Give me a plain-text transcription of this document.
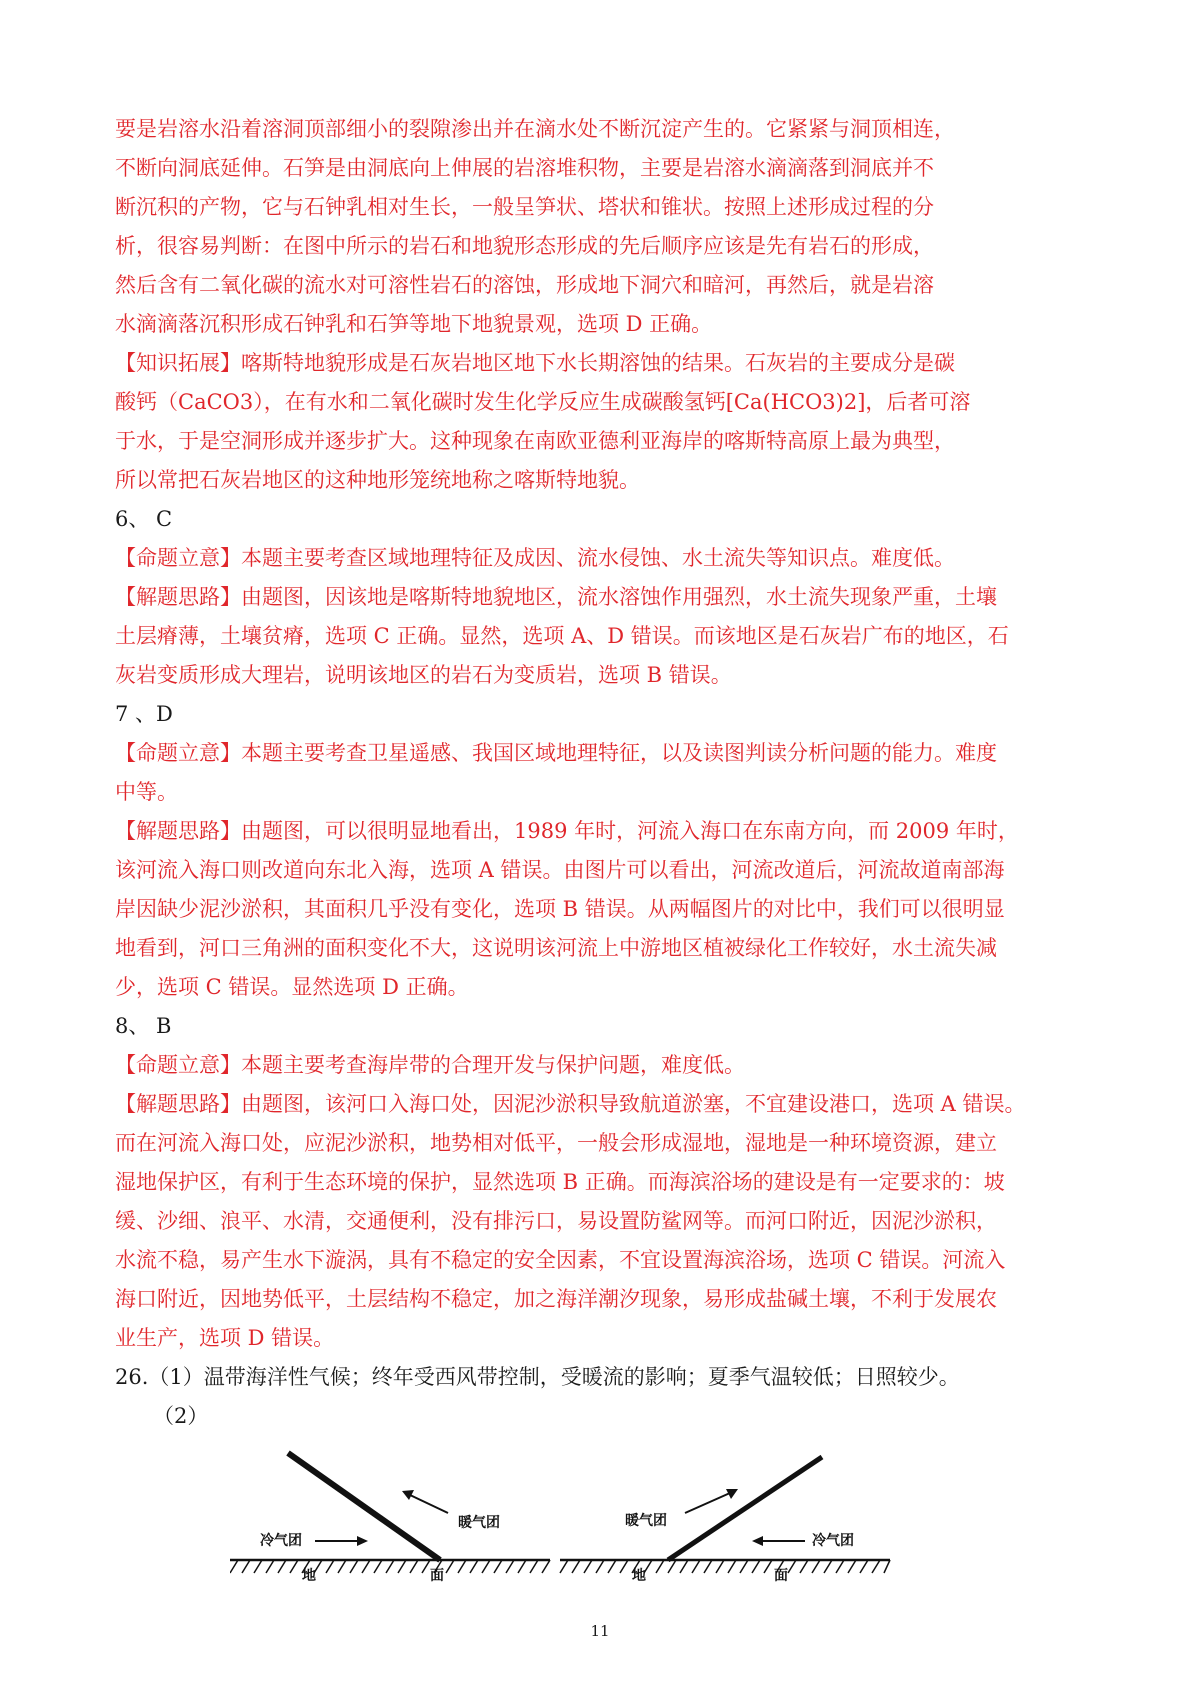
要是岩溶水沿着溶洞顶部细小的裂隙渗出并在滴水处不断沉淀产生的。它紧紧与洞顶相连，
不断向洞底延伸。石笋是由洞底向上伸展的岩溶堆积物，主要是岩溶水滴滴落到洞底并不
断沉积的产物，它与石钟乳相对生长，一般呈笋状、塔状和锥状。按照上述形成过程的分
析，很容易判断：在图中所示的岩石和地貌形态形成的先后顺序应该是先有岩石的形成，
然后含有二氧化碳的流水对可溶性岩石的溶蚀，形成地下洞穴和暗河，再然后，就是岩溶
水滴滴落沉积形成石钟乳和石笋等地下地貌景观，选项 D 正确。
【知识拓展】喀斯特地貌形成是石灰岩地区地下水长期溶蚀的结果。石灰岩的主要成分是碳
酸钙（CaCO3），在有水和二氧化碳时发生化学反应生成碳酸氢钙[Ca(HCO3)2]，后者可溶
于水，于是空洞形成并逐步扩大。这种现象在南欧亚德利亚海岸的喀斯特高原上最为典型，
所以常把石灰岩地区的这种地形笼统地称之喀斯特地貌。
6、 C
【命题立意】本题主要考查区域地理特征及成因、流水侵蚀、水土流失等知识点。难度低。
【解题思路】由题图，因该地是喀斯特地貌地区，流水溶蚀作用强烈，水土流失现象严重，土壤
土层瘠薄，土壤贫瘠，选项 C 正确。显然，选项 A、D 错误。而该地区是石灰岩广布的地区，石
灰岩变质形成大理岩，说明该地区的岩石为变质岩，选项 B 错误。
7 、D
【命题立意】本题主要考查卫星遥感、我国区域地理特征，以及读图判读分析问题的能力。难度
中等。
【解题思路】由题图，可以很明显地看出，1989 年时，河流入海口在东南方向，而 2009 年时，
该河流入海口则改道向东北入海，选项 A 错误。由图片可以看出，河流改道后，河流故道南部海
岸因缺少泥沙淤积，其面积几乎没有变化，选项 B 错误。从两幅图片的对比中，我们可以很明显
地看到，河口三角洲的面积变化不大，这说明该河流上中游地区植被绿化工作较好，水土流失减
少，选项 C 错误。显然选项 D 正确。
8、 B
【命题立意】本题主要考查海岸带的合理开发与保护问题，难度低。
【解题思路】由题图，该河口入海口处，因泥沙淤积导致航道淤塞，不宜建设港口，选项 A 错误。
而在河流入海口处，应泥沙淤积，地势相对低平，一般会形成湿地，湿地是一种环境资源，建立
湿地保护区，有利于生态环境的保护，显然选项 B 正确。而海滨浴场的建设是有一定要求的：坡
缓、沙细、浪平、水清，交通便利，没有排污口，易设置防鲨网等。而河口附近，因泥沙淤积，
水流不稳，易产生水下漩涡，具有不稳定的安全因素，不宜设置海滨浴场，选项 C 错误。河流入
海口附近，因地势低平，土层结构不稳定，加之海洋潮汐现象，易形成盐碱土壤，不利于发展农
业生产，选项 D 错误。
26.（1）温带海洋性气候；终年受西风带控制，受暖流的影响；夏季气温较低；日照较少。
（2）
冷气团
暖气团
地	面
暖气团
冷气团
地	面
11
